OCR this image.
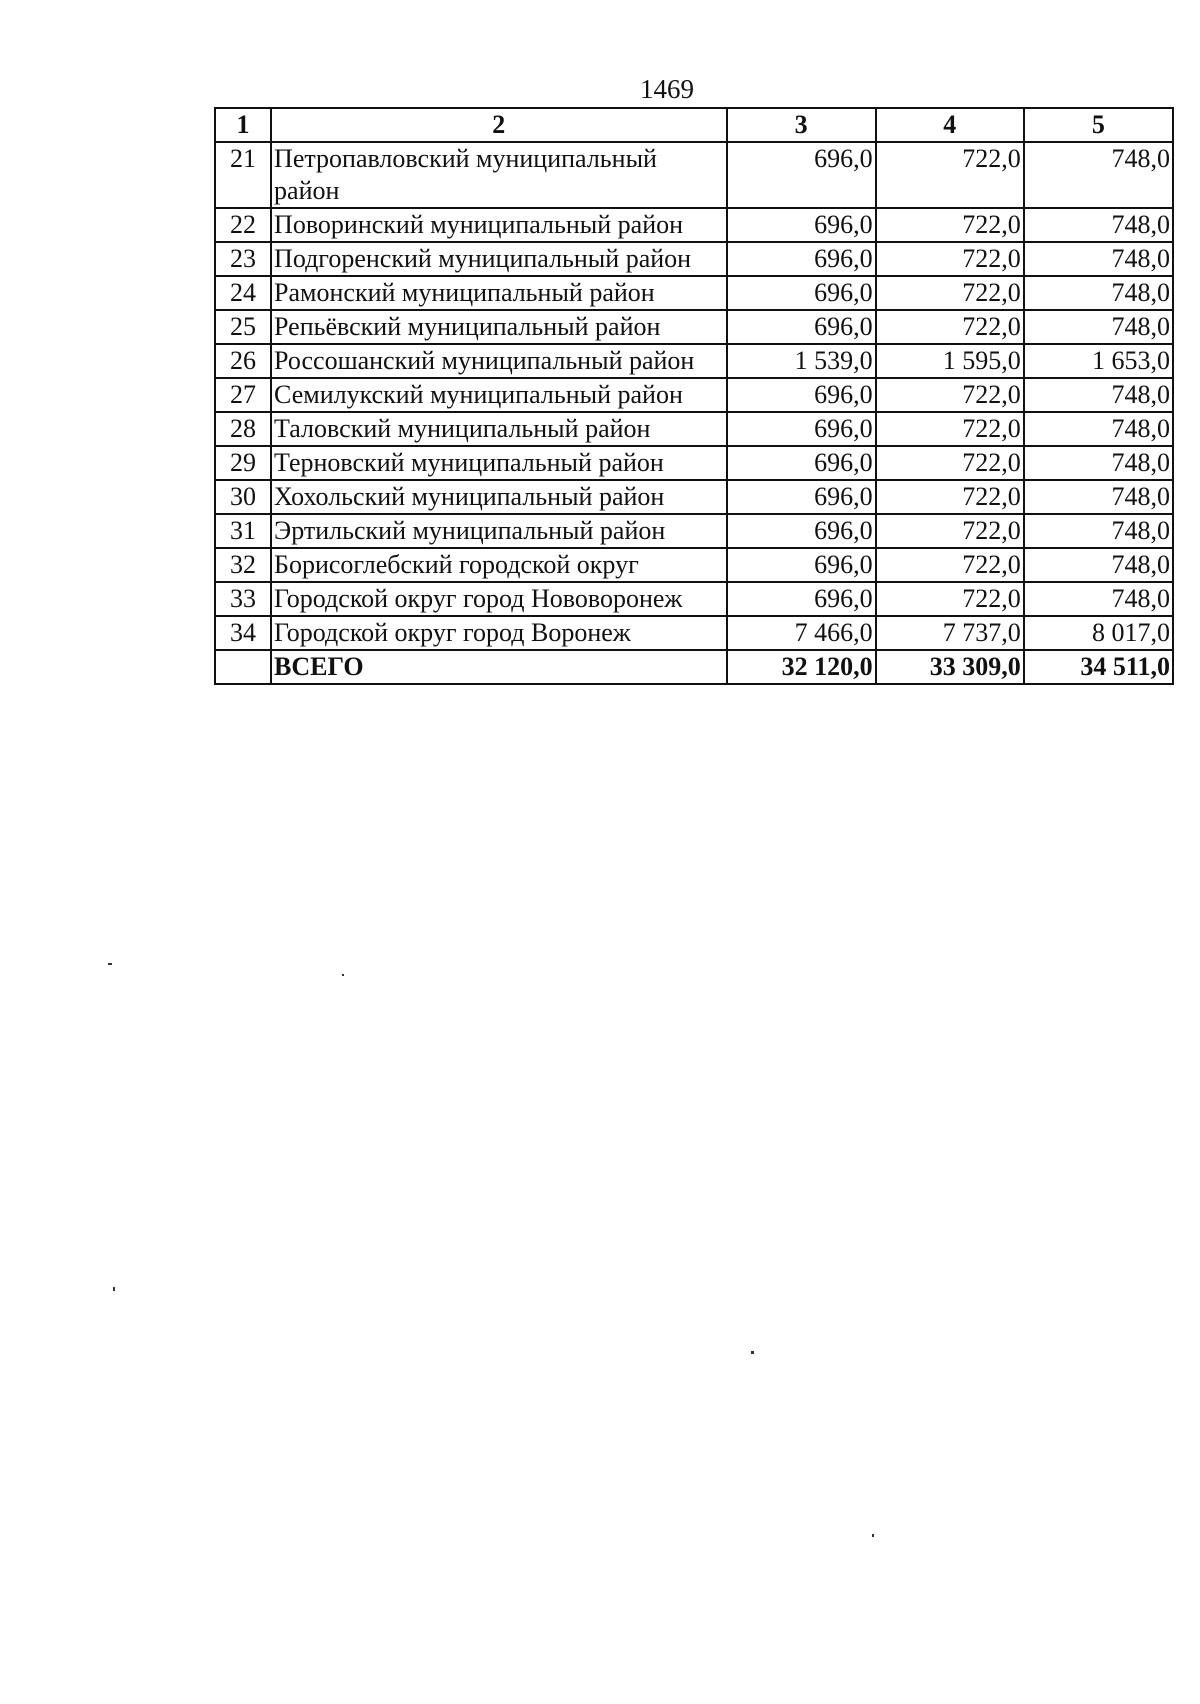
1469
1	2	3	4	5
21	Петропавловский муниципальный район	696,0	722,0	748,0
22	Поворинский муниципальный район	696,0	722,0	748,0
23	Подгоренский муниципальный район	696,0	722,0	748,0
24	Рамонский муниципальный район	696,0	722,0	748,0
25	Репьёвский муниципальный район	696,0	722,0	748,0
26	Россошанский муниципальный район	1 539,0	1 595,0	1 653,0
27	Семилукский муниципальный район	696,0	722,0	748,0
28	Таловский муниципальный район	696,0	722,0	748,0
29	Терновский муниципальный район	696,0	722,0	748,0
30	Хохольский муниципальный район	696,0	722,0	748,0
31	Эртильский муниципальный район	696,0	722,0	748,0
32	Борисоглебский городской округ	696,0	722,0	748,0
33	Городской округ город Нововоронеж	696,0	722,0	748,0
34	Городской округ город Воронеж	7 466,0	7 737,0	8 017,0
	ВСЕГО	32 120,0	33 309,0	34 511,0
